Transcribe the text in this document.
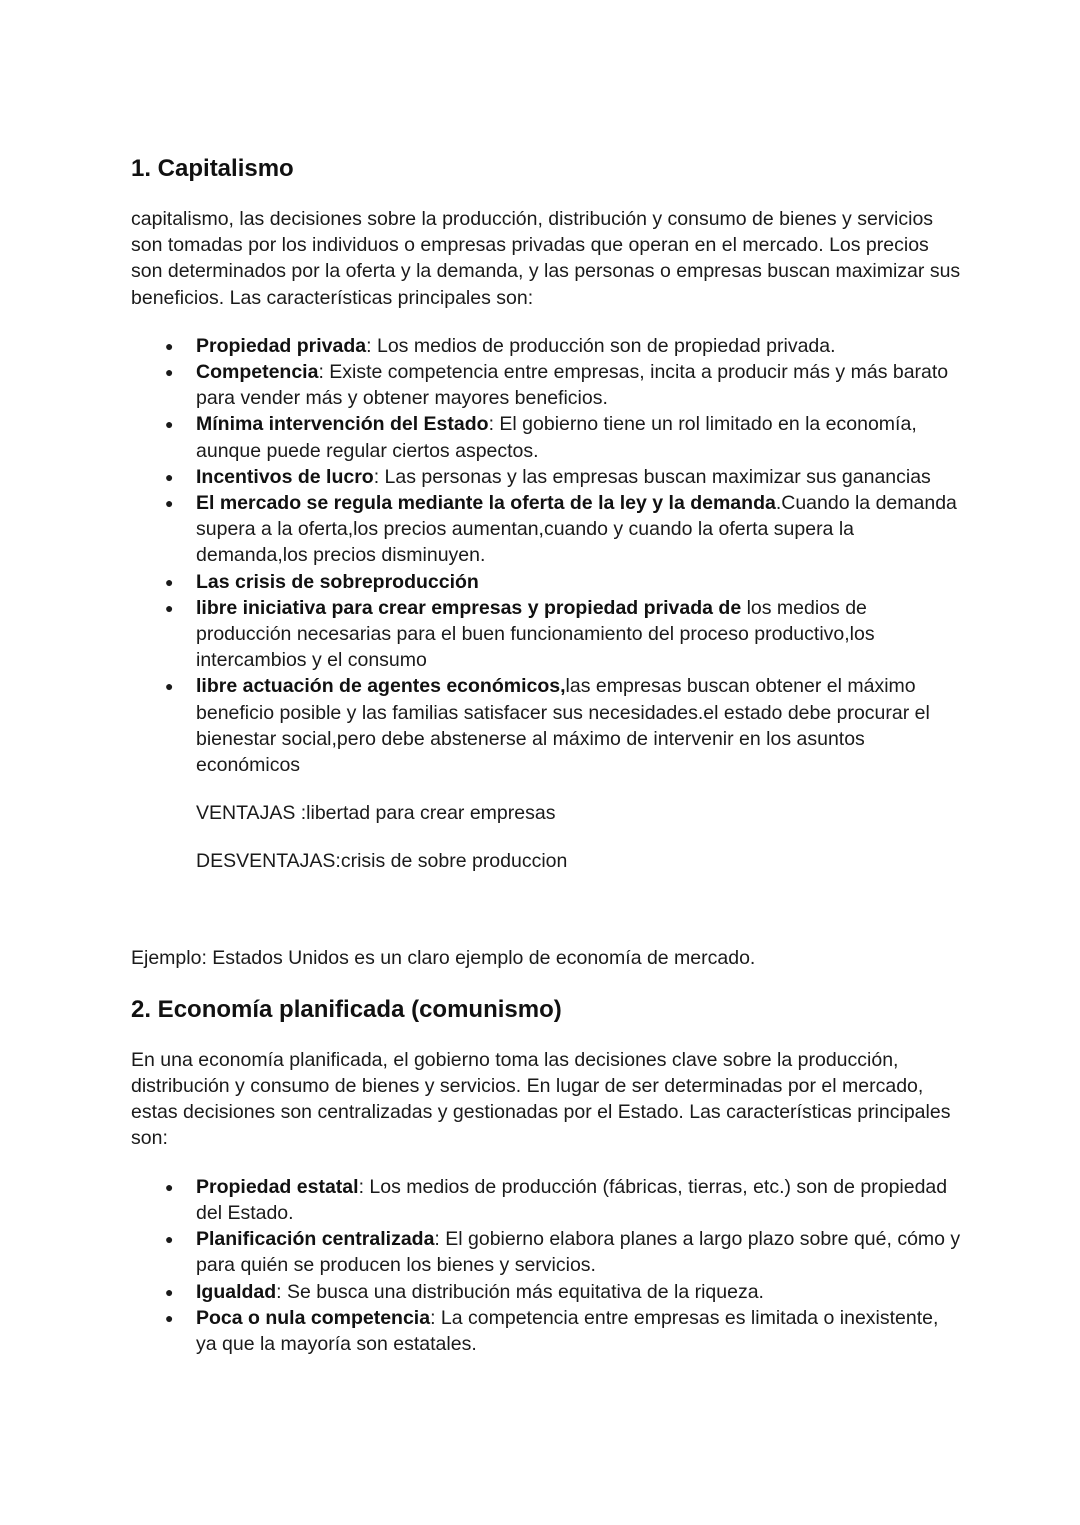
1. Capitalismo

capitalismo, las decisiones sobre la producción, distribución y consumo de bienes y servicios son tomadas por los individuos o empresas privadas que operan en el mercado. Los precios son determinados por la oferta y la demanda, y las personas o empresas buscan maximizar sus beneficios. Las características principales son:

● Propiedad privada: Los medios de producción son de propiedad privada.
● Competencia: Existe competencia entre empresas, incita a producir más y más barato para vender más y obtener mayores beneficios.
● Mínima intervención del Estado: El gobierno tiene un rol limitado en la economía, aunque puede regular ciertos aspectos.
● Incentivos de lucro: Las personas y las empresas buscan maximizar sus ganancias
● El mercado se regula mediante la oferta de la ley y la demanda.Cuando la demanda supera a la oferta,los precios aumentan,cuando y cuando la oferta supera la demanda,los precios disminuyen.
● Las crisis de sobreproducción
● libre iniciativa para crear empresas y propiedad privada de los medios de producción necesarias para el buen funcionamiento del proceso productivo,los intercambios y el consumo
● libre actuación de agentes económicos,las empresas buscan obtener el máximo beneficio posible y las familias satisfacer sus necesidades.el estado debe procurar el bienestar social,pero debe abstenerse al máximo de intervenir en los asuntos económicos

VENTAJAS :libertad para crear empresas

DESVENTAJAS:crisis de sobre produccion

Ejemplo: Estados Unidos es un claro ejemplo de economía de mercado.

2. Economía planificada (comunismo)

En una economía planificada, el gobierno toma las decisiones clave sobre la producción, distribución y consumo de bienes y servicios. En lugar de ser determinadas por el mercado, estas decisiones son centralizadas y gestionadas por el Estado. Las características principales son:

● Propiedad estatal: Los medios de producción (fábricas, tierras, etc.) son de propiedad del Estado.
● Planificación centralizada: El gobierno elabora planes a largo plazo sobre qué, cómo y para quién se producen los bienes y servicios.
● Igualdad: Se busca una distribución más equitativa de la riqueza.
● Poca o nula competencia: La competencia entre empresas es limitada o inexistente, ya que la mayoría son estatales.
